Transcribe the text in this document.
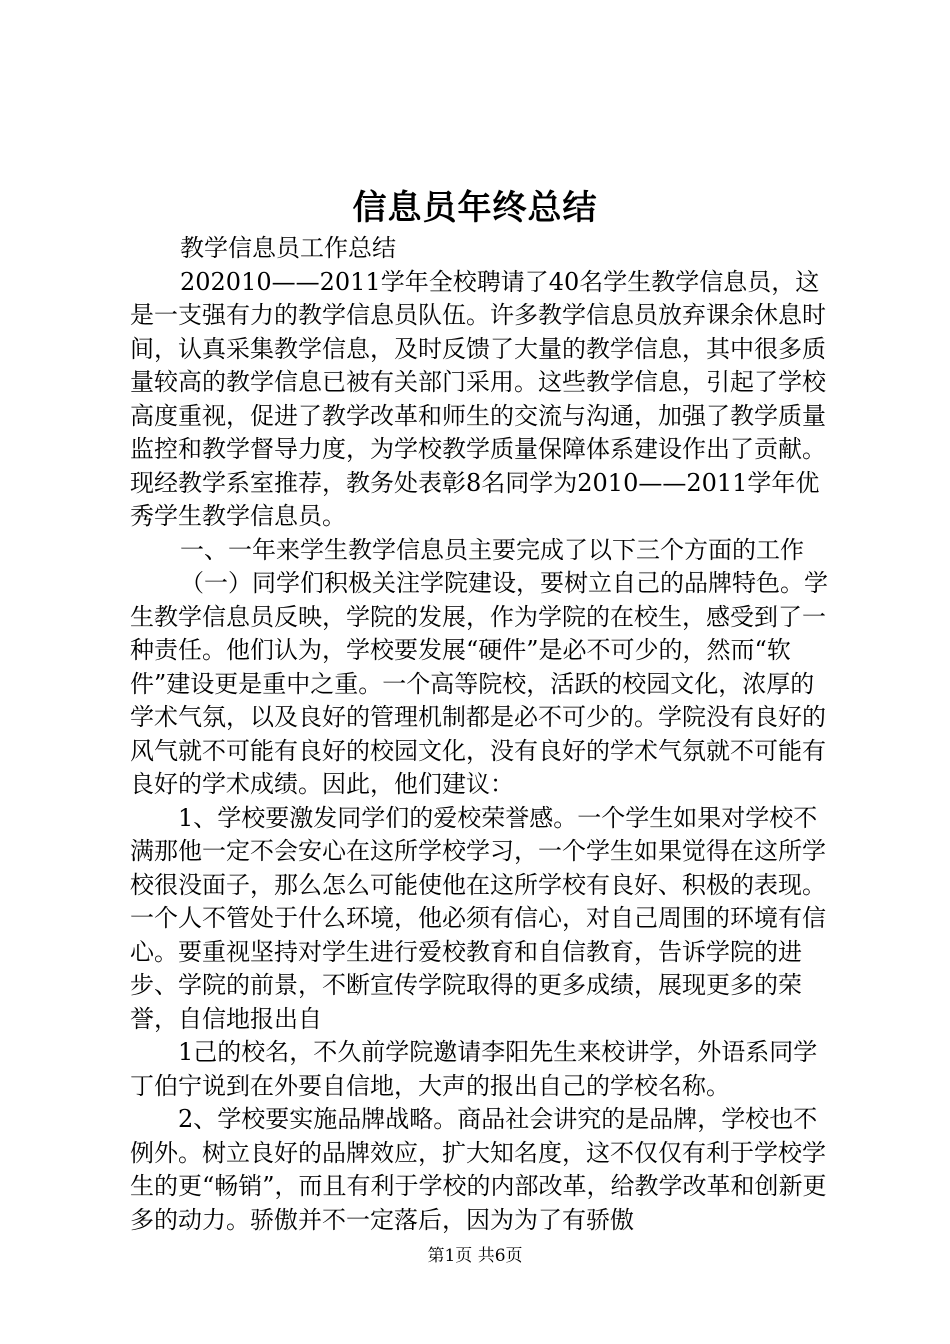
信息员年终总结

教学信息员工作总结

202010——2011学年全校聘请了40名学生教学信息员，这是一支强有力的教学信息员队伍。许多教学信息员放弃课余休息时间，认真采集教学信息，及时反馈了大量的教学信息，其中很多质量较高的教学信息已被有关部门采用。这些教学信息，引起了学校高度重视，促进了教学改革和师生的交流与沟通，加强了教学质量监控和教学督导力度，为学校教学质量保障体系建设作出了贡献。现经教学系室推荐，教务处表彰8名同学为2010——2011学年优秀学生教学信息员。

一、一年来学生教学信息员主要完成了以下三个方面的工作

（一）同学们积极关注学院建设，要树立自己的品牌特色。学生教学信息员反映，学院的发展，作为学院的在校生，感受到了一种责任。他们认为，学校要发展“硬件”是必不可少的，然而“软件”建设更是重中之重。一个高等院校，活跃的校园文化，浓厚的学术气氛，以及良好的管理机制都是必不可少的。学院没有良好的风气就不可能有良好的校园文化，没有良好的学术气氛就不可能有良好的学术成绩。因此，他们建议：

1、学校要激发同学们的爱校荣誉感。一个学生如果对学校不满那他一定不会安心在这所学校学习，一个学生如果觉得在这所学校很没面子，那么怎么可能使他在这所学校有良好、积极的表现。一个人不管处于什么环境，他必须有信心，对自己周围的环境有信心。要重视坚持对学生进行爱校教育和自信教育，告诉学院的进步、学院的前景，不断宣传学院取得的更多成绩，展现更多的荣誉，自信地报出自

1己的校名，不久前学院邀请李阳先生来校讲学，外语系同学丁伯宁说到在外要自信地，大声的报出自己的学校名称。

2、学校要实施品牌战略。商品社会讲究的是品牌，学校也不例外。树立良好的品牌效应，扩大知名度，这不仅仅有利于学校学生的更“畅销”，而且有利于学校的内部改革，给教学改革和创新更多的动力。骄傲并不一定落后，因为为了有骄傲

第1页 共6页
